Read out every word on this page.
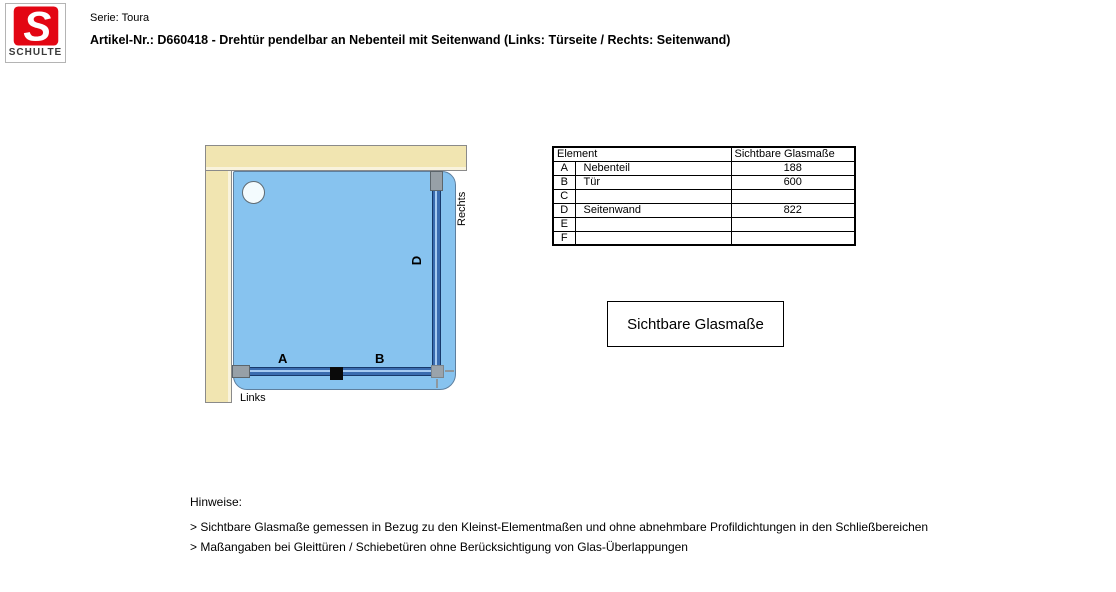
S
SCHULTE
Serie: Toura
Artikel-Nr.: D660418 - Drehtür pendelbar an Nebenteil mit Seitenwand (Links: Türseite / Rechts: Seitenwand)
A	B
D
Rechts
Links
Element		Sichtbare Glasmaße
A	Nebenteil	188
B	Tür	600
C		
D	Seitenwand	822
E		
F		
Sichtbare Glasmaße
Hinweise:
> Sichtbare Glasmaße gemessen in Bezug zu den Kleinst-Elementmaßen und ohne abnehmbare Profildichtungen in den Schließbereichen
> Maßangaben bei Gleittüren / Schiebetüren ohne Berücksichtigung von Glas-Überlappungen
